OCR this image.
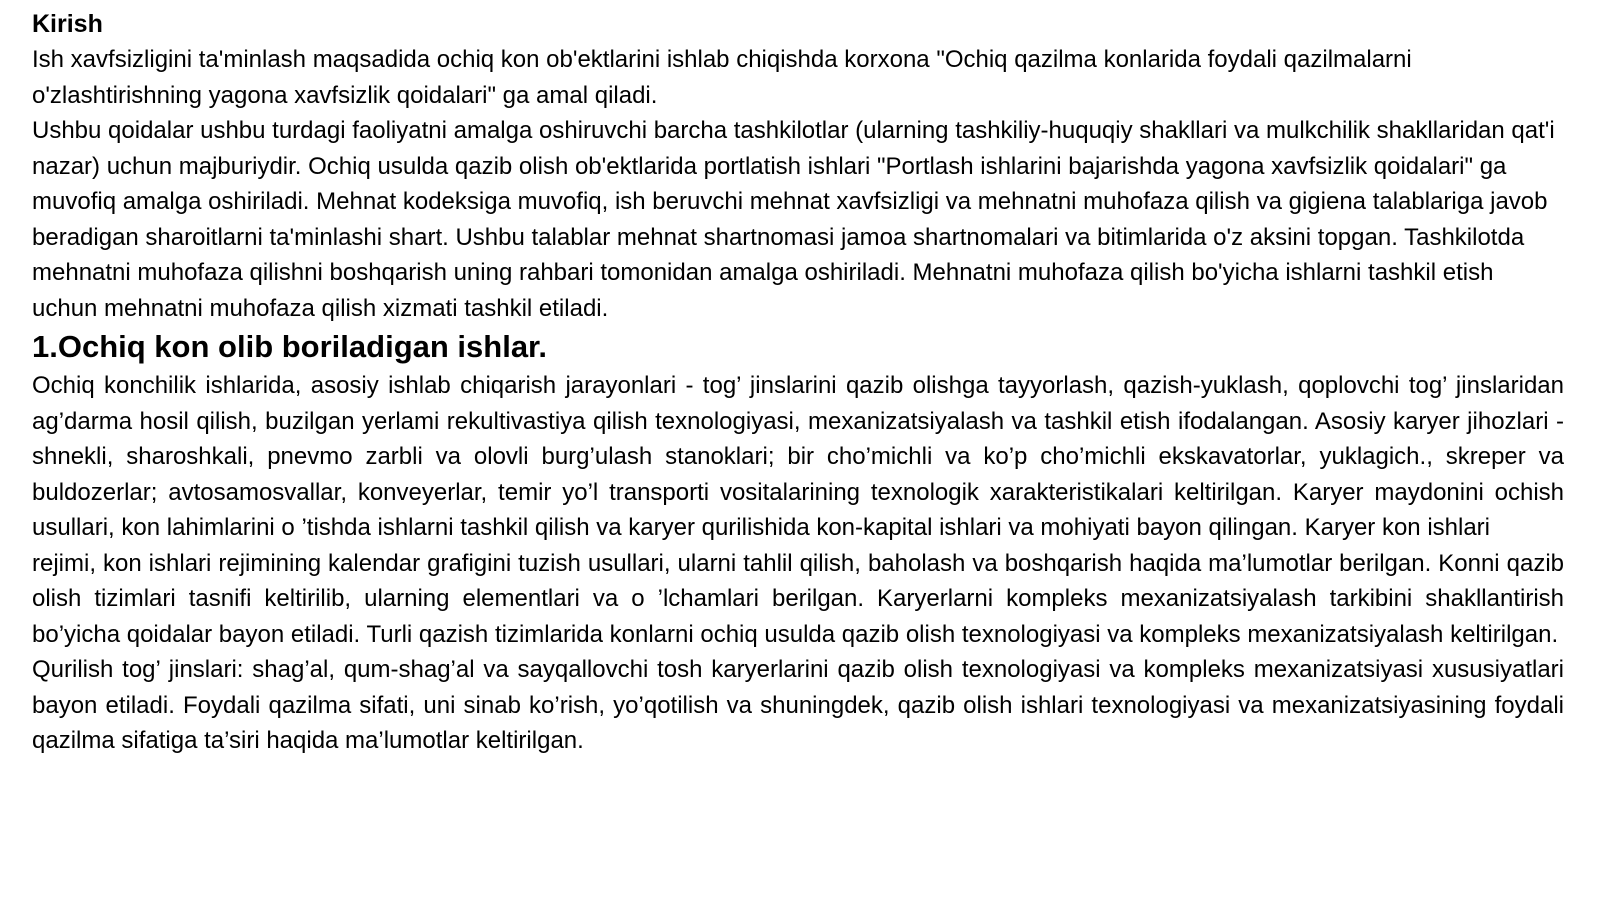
Kirish

Ish xavfsizligini ta'minlash maqsadida ochiq kon ob'ektlarini ishlab chiqishda korxona "Ochiq qazilma konlarida foydali qazilmalarni o'zlashtirishning yagona xavfsizlik qoidalari" ga amal qiladi.

Ushbu qoidalar ushbu turdagi faoliyatni amalga oshiruvchi barcha tashkilotlar (ularning tashkiliy-huquqiy shakllari va mulkchilik shakllaridan qat'i nazar) uchun majburiydir. Ochiq usulda qazib olish ob'ektlarida portlatish ishlari "Portlash ishlarini bajarishda yagona xavfsizlik qoidalari" ga muvofiq amalga oshiriladi. Mehnat kodeksiga muvofiq, ish beruvchi mehnat xavfsizligi va mehnatni muhofaza qilish va gigiena talablariga javob beradigan sharoitlarni ta'minlashi shart. Ushbu talablar mehnat shartnomasi jamoa shartnomalari va bitimlarida o'z aksini topgan. Tashkilotda mehnatni muhofaza qilishni boshqarish uning rahbari tomonidan amalga oshiriladi. Mehnatni muhofaza qilish bo'yicha ishlarni tashkil etish uchun mehnatni muhofaza qilish xizmati tashkil etiladi.

1.Ochiq kon olib boriladigan ishlar.

Ochiq konchilik ishlarida, asosiy ishlab chiqarish jarayonlari - tog’ jinslarini qazib olishga tayyorlash, qazish-yuklash, qoplovchi tog’ jinslaridan ag’darma hosil qilish, buzilgan yerlami rekultivastiya qilish texnologiyasi, mexanizatsiyalash va tashkil etish ifodalangan. Asosiy karyer jihozlari -shnekli, sharoshkali, pnevmo zarbli va olovli burg’ulash stanoklari; bir cho’michli va ko’p cho’michli ekskavatorlar, yuklagich., skreper va buldozerlar; avtosamosvallar, konveyerlar, temir yo’l transporti vositalarining texnologik xarakteristikalari keltirilgan. Karyer maydonini ochish usullari, kon lahimlarini o ’tishda ishlarni tashkil qilish va karyer qurilishida kon-kapital ishlari va mohiyati bayon qilingan. Karyer kon ishlari

rejimi, kon ishlari rejimining kalendar grafigini tuzish usullari, ularni tahlil qilish, baholash va boshqarish haqida ma’lumotlar berilgan. Konni qazib olish tizimlari tasnifi keltirilib, ularning elementlari va o ’lchamlari berilgan. Karyerlarni kompleks mexanizatsiyalash tarkibini shakllantirish bo’yicha qoidalar bayon etiladi. Turli qazish tizimlarida konlarni ochiq usulda qazib olish texnologiyasi va kompleks mexanizatsiyalash keltirilgan.

Qurilish tog’ jinslari: shag’al, qum-shag’al va sayqallovchi tosh karyerlarini qazib olish texnologiyasi va kompleks mexanizatsiyasi xususiyatlari bayon etiladi. Foydali qazilma sifati, uni sinab ko’rish, yo’qotilish va shuningdek, qazib olish ishlari texnologiyasi va mexanizatsiyasining foydali qazilma sifatiga ta’siri haqida ma’lumotlar keltirilgan.
